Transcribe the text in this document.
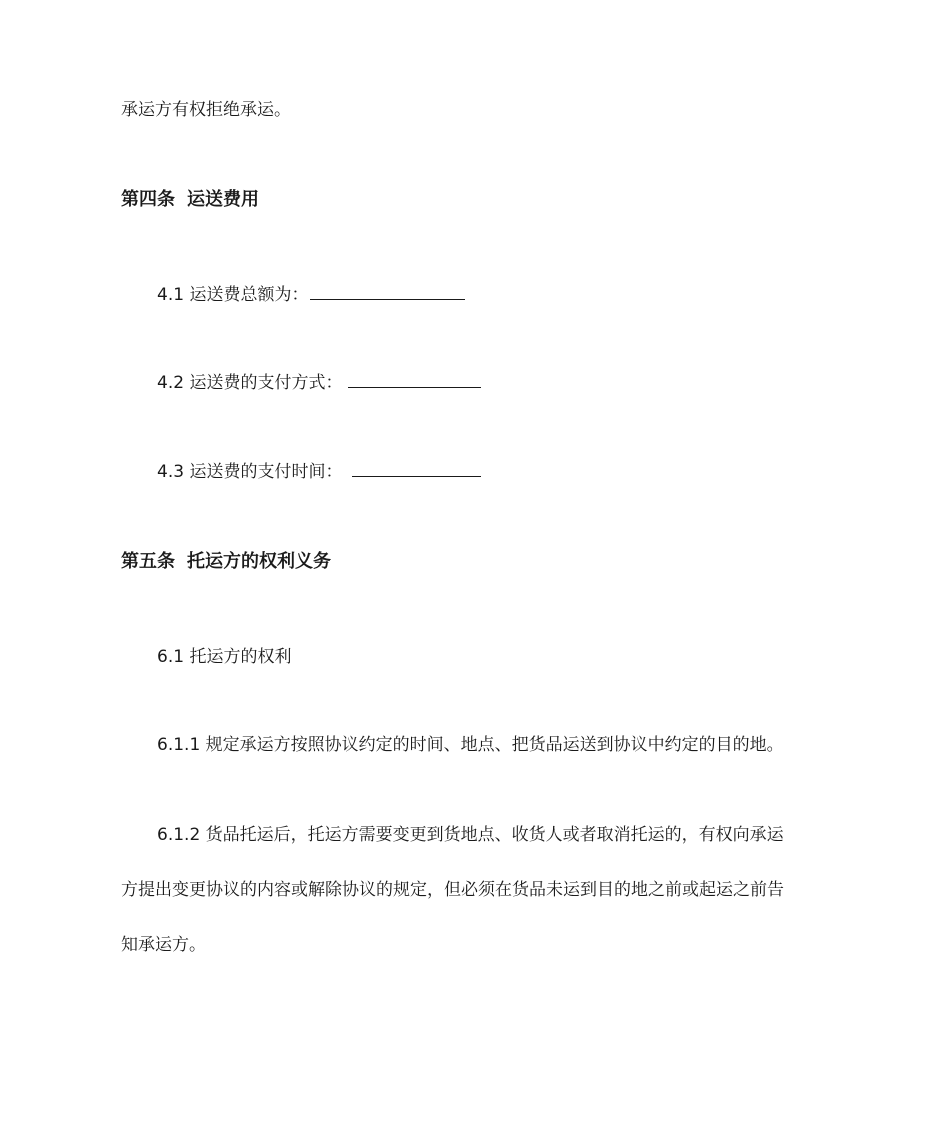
承运方有权拒绝承运。
第四条 运送费用
4.1 运送费总额为：
4.2 运送费的支付方式：
4.3 运送费的支付时间：
第五条 托运方的权利义务
6.1 托运方的权利
6.1.1 规定承运方按照协议约定的时间、地点、把货品运送到协议中约定的目的地。
6.1.2 货品托运后，托运方需要变更到货地点、收货人或者取消托运的，有权向承运
方提出变更协议的内容或解除协议的规定，但必须在货品未运到目的地之前或起运之前告
知承运方。
